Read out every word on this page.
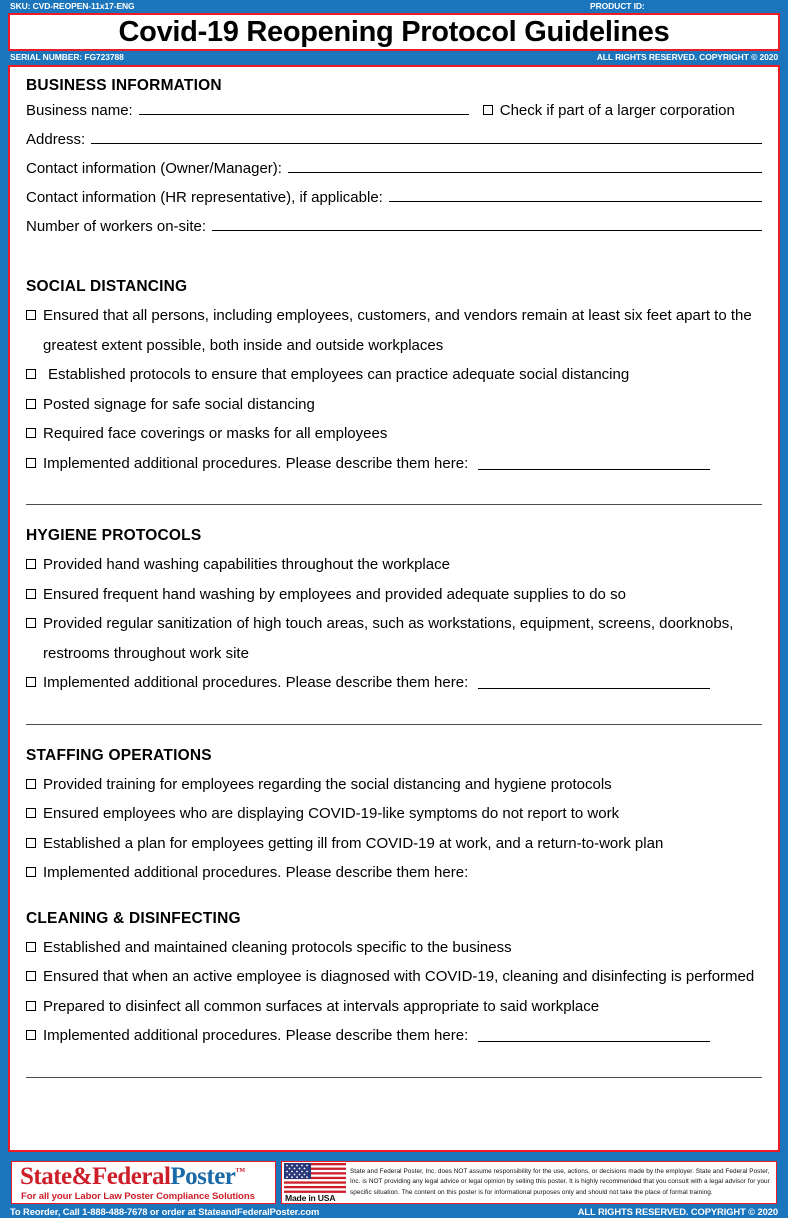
SKU: CVD-REOPEN-11x17-ENG	PRODUCT ID:
Covid-19 Reopening Protocol Guidelines
SERIAL NUMBER: FG723788	ALL RIGHTS RESERVED. COPYRIGHT © 2020
BUSINESS INFORMATION
Business name:	Check if part of a larger corporation
Address:
Contact information (Owner/Manager):
Contact information (HR representative), if applicable:
Number of workers on-site:
SOCIAL DISTANCING
Ensured that all persons, including employees, customers, and vendors remain at least six feet apart to the greatest extent possible, both inside and outside workplaces
Established protocols to ensure that employees can practice adequate social distancing
Posted signage for safe social distancing
Required face coverings or masks for all employees
Implemented additional procedures. Please describe them here:
HYGIENE PROTOCOLS
Provided hand washing capabilities throughout the workplace
Ensured frequent hand washing by employees and provided adequate supplies to do so
Provided regular sanitization of high touch areas, such as workstations, equipment, screens, doorknobs, restrooms throughout work site
Implemented additional procedures. Please describe them here:
STAFFING OPERATIONS
Provided training for employees regarding the social distancing and hygiene protocols
Ensured employees who are displaying COVID-19-like symptoms do not report to work
Established a plan for employees getting ill from COVID-19 at work, and a return-to-work plan
Implemented additional procedures. Please describe them here:
CLEANING & DISINFECTING
Established and maintained cleaning protocols specific to the business
Ensured that when an active employee is diagnosed with COVID-19, cleaning and disinfecting is performed
Prepared to disinfect all common surfaces at intervals appropriate to said workplace
Implemented additional procedures. Please describe them here:
State&FederalPoster™
For all your Labor Law Poster Compliance Solutions	Made in USA
State and Federal Poster, Inc. does NOT assume responsibility for the use, actions, or decisions made by the employer. State and Federal Poster, Inc. is NOT providing any legal advice or legal opinion by selling this poster. It is highly recommended that you consult with a legal advisor for your specific situation. The content on this poster is for informational purposes only and should not take the place of formal training.
To Reorder, Call 1-888-488-7678 or order at StateandFederalPoster.com	ALL RIGHTS RESERVED. COPYRIGHT © 2020
